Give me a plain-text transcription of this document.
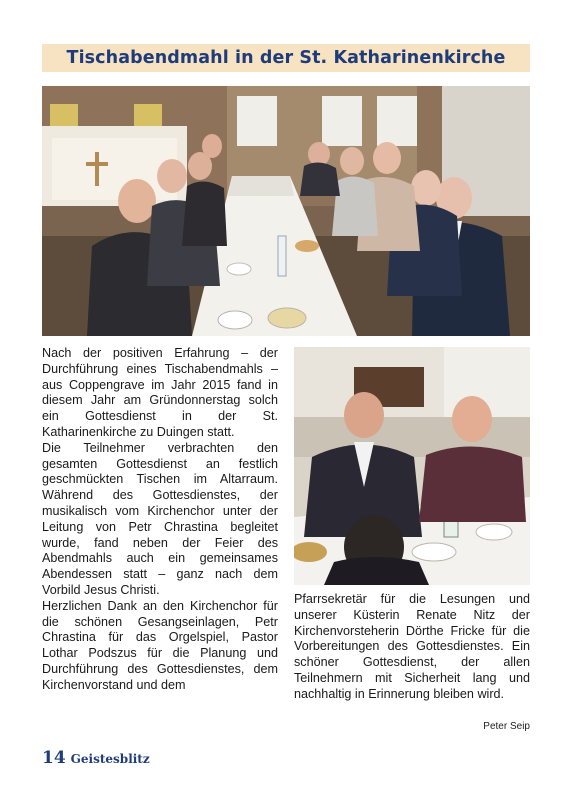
Tischabendmahl in der St. Katharinenkirche

Nach der positiven Erfahrung – der Durchführung eines Tischabendmahls – aus Coppengrave im Jahr 2015 fand in diesem Jahr am Gründonnerstag solch ein Gottesdienst in der St. Katharinenkirche zu Duingen statt.

Die Teilnehmer verbrachten den gesamten Gottesdienst an festlich geschmückten Tischen im Altarraum. Während des Gottesdienstes, der musikalisch vom Kirchenchor unter der Leitung von Petr Chrastina begleitet wurde, fand neben der Feier des Abendmahls auch ein gemeinsames Abendessen statt – ganz nach dem Vorbild Jesus Christi.

Herzlichen Dank an den Kirchenchor für die schönen Gesangseinlagen, Petr Chrastina für das Orgelspiel, Pastor Lothar Podszus für die Planung und Durchführung des Gottesdienstes, dem Kirchenvorstand und dem

Pfarrsekretär für die Lesungen und unserer Küsterin Renate Nitz der Kirchenvorsteherin Dörthe Fricke für die Vorbereitungen des Gottesdienstes. Ein schöner Gottesdienst, der allen Teilnehmern mit Sicherheit lang und nachhaltig in Erinnerung bleiben wird.

Peter Seip
14 Geistesblitz
